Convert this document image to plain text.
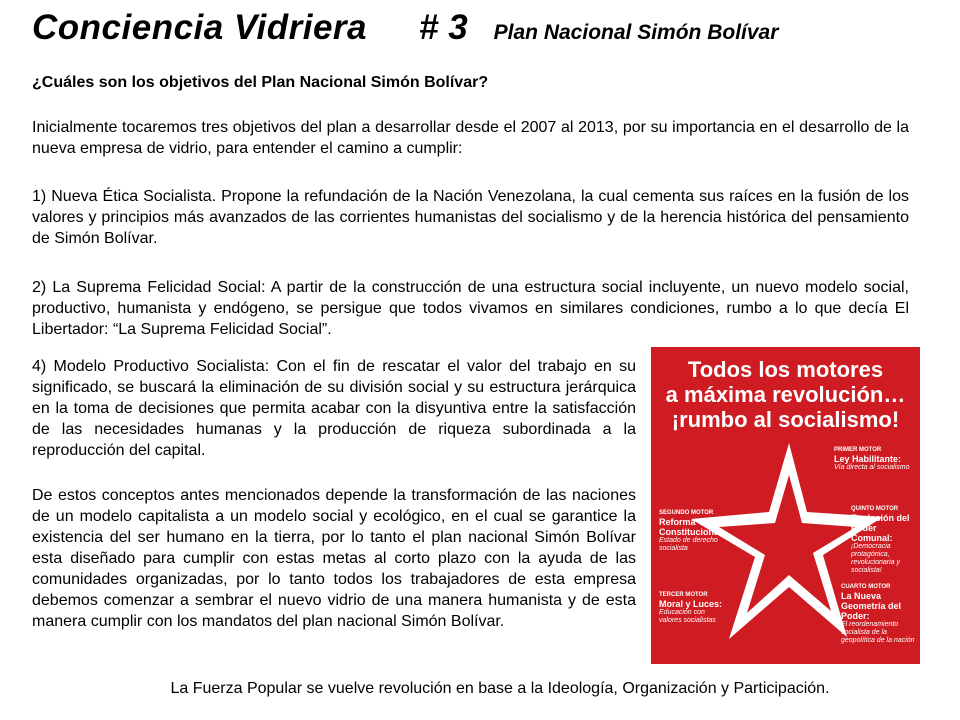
Conciencia Vidriera # 3 Plan Nacional Simón Bolívar
¿Cuáles son los objetivos del Plan Nacional Simón Bolívar?
Inicialmente tocaremos tres objetivos del plan a desarrollar desde el 2007 al 2013, por su importancia en el desarrollo de la nueva empresa de vidrio, para entender el camino a cumplir:
1) Nueva Ética Socialista. Propone la refundación de la Nación Venezolana, la cual cementa sus raíces en la fusión de los valores y principios más avanzados de las corrientes humanistas del socialismo y de la herencia histórica del pensamiento de Simón Bolívar.
2) La Suprema Felicidad Social: A partir de la construcción de una estructura social incluyente, un nuevo modelo social, productivo, humanista y endógeno, se persigue que todos vivamos en similares condiciones, rumbo a lo que decía El Libertador: “La Suprema Felicidad Social”.
4) Modelo Productivo Socialista: Con el fin de rescatar el valor del trabajo en su significado, se buscará la eliminación de su división social y su estructura jerárquica en la toma de decisiones que permita acabar con la disyuntiva entre la satisfacción de las necesidades humanas y la producción de riqueza subordinada a la reproducción del capital.
De estos conceptos antes mencionados depende la transformación de las naciones de un modelo capitalista a un modelo social y ecológico, en el cual se garantice la existencia del ser humano en la tierra, por lo tanto el plan nacional Simón Bolívar esta diseñado para cumplir con estas metas al corto plazo con la ayuda de las comunidades organizadas, por lo tanto todos los trabajadores de esta empresa debemos comenzar a sembrar el nuevo vidrio de una manera humanista y de esta manera cumplir con los mandatos del plan nacional Simón Bolívar.
Todos los motores
a máxima revolución…
¡rumbo al socialismo!
PRIMER MOTOR
Ley Habilitante:
Vía directa al socialismo
SEGUNDO MOTOR
Reforma Constitucional:
Estado de derecho socialista
QUINTO MOTOR
Explosión del Poder Comunal:
¡Democracia protagónica, revolucionaria y socialista!
TERCER MOTOR
Moral y Luces:
Educación con valores socialistas
CUARTO MOTOR
La Nueva Geometría del Poder:
El reordenamiento socialista de la geopolítica de la nación
La Fuerza Popular se vuelve revolución en base a la Ideología, Organización y Participación.
